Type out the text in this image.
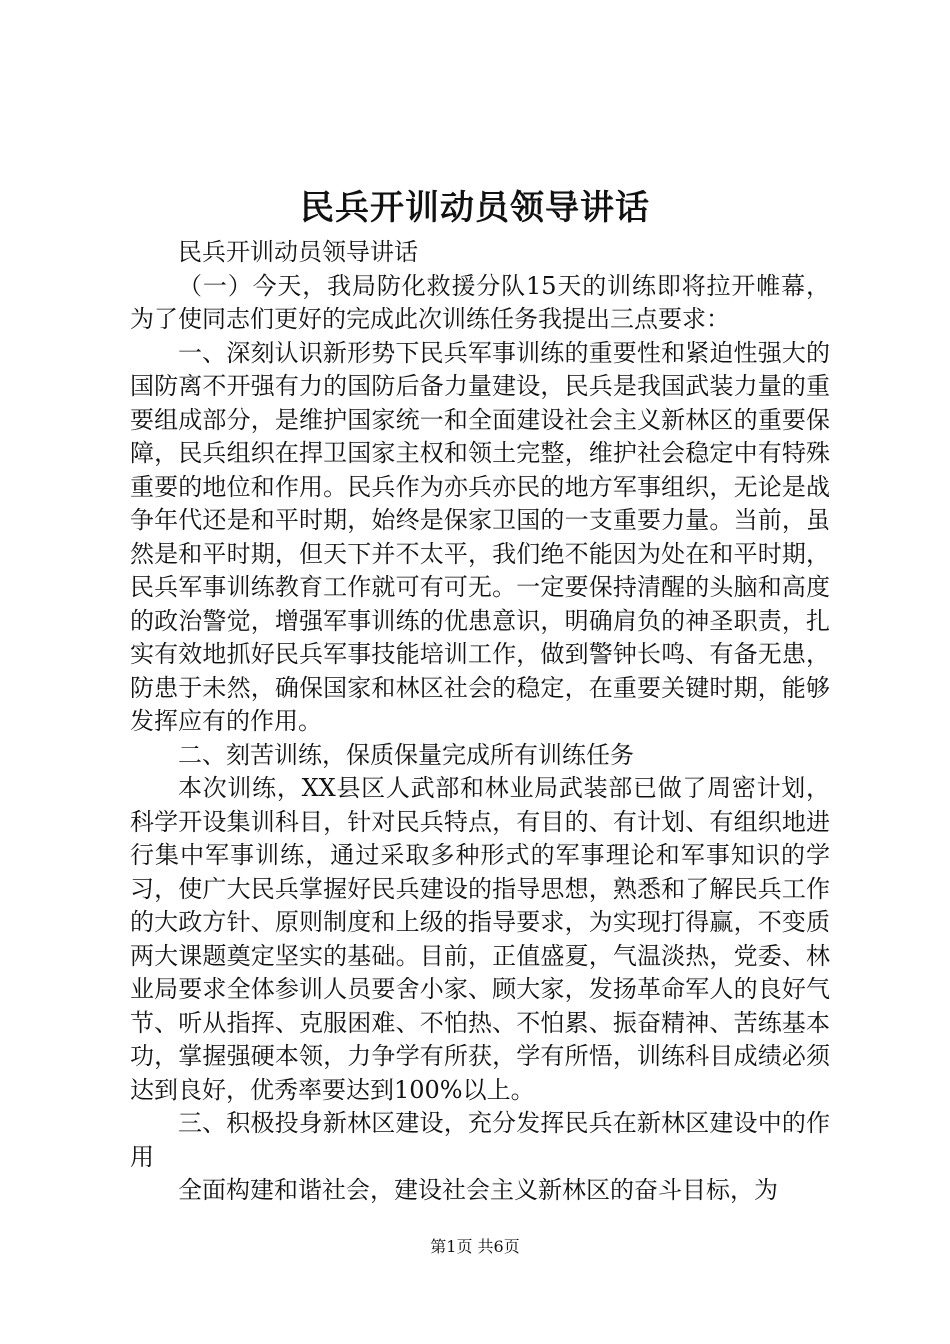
民兵开训动员领导讲话

民兵开训动员领导讲话

（一）今天，我局防化救援分队15天的训练即将拉开帷幕，为了使同志们更好的完成此次训练任务我提出三点要求：

一、深刻认识新形势下民兵军事训练的重要性和紧迫性强大的国防离不开强有力的国防后备力量建设，民兵是我国武装力量的重要组成部分，是维护国家统一和全面建设社会主义新林区的重要保障，民兵组织在捍卫国家主权和领土完整，维护社会稳定中有特殊重要的地位和作用。民兵作为亦兵亦民的地方军事组织，无论是战争年代还是和平时期，始终是保家卫国的一支重要力量。当前，虽然是和平时期，但天下并不太平，我们绝不能因为处在和平时期，民兵军事训练教育工作就可有可无。一定要保持清醒的头脑和高度的政治警觉，增强军事训练的优患意识，明确肩负的神圣职责，扎实有效地抓好民兵军事技能培训工作，做到警钟长鸣、有备无患，防患于未然，确保国家和林区社会的稳定，在重要关键时期，能够发挥应有的作用。

二、刻苦训练，保质保量完成所有训练任务

本次训练，XX县区人武部和林业局武装部已做了周密计划，科学开设集训科目，针对民兵特点，有目的、有计划、有组织地进行集中军事训练，通过采取多种形式的军事理论和军事知识的学习，使广大民兵掌握好民兵建设的指导思想，熟悉和了解民兵工作的大政方针、原则制度和上级的指导要求，为实现打得赢，不变质两大课题奠定坚实的基础。目前，正值盛夏，气温淡热，党委、林业局要求全体参训人员要舍小家、顾大家，发扬革命军人的良好气节、听从指挥、克服困难、不怕热、不怕累、振奋精神、苦练基本功，掌握强硬本领，力争学有所获，学有所悟，训练科目成绩必须达到良好，优秀率要达到100%以上。

三、积极投身新林区建设，充分发挥民兵在新林区建设中的作用

全面构建和谐社会，建设社会主义新林区的奋斗目标，为

第1页 共6页
